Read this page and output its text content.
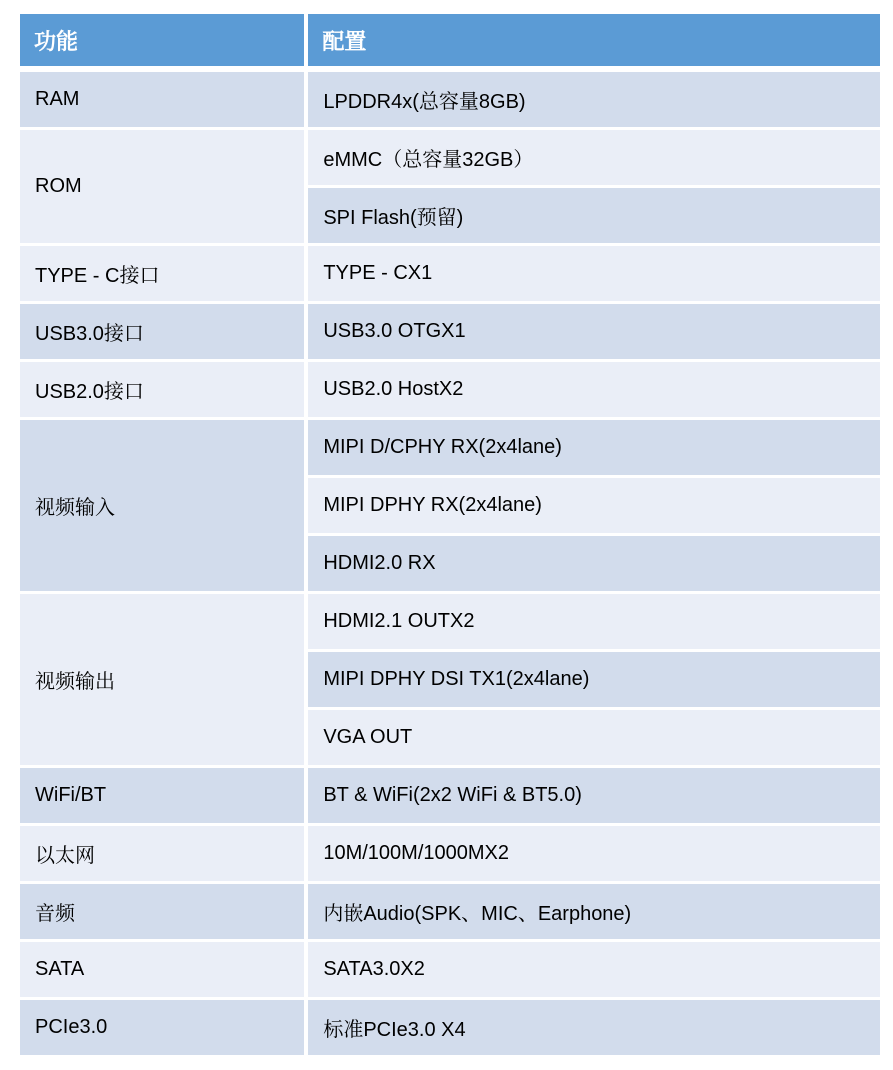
功能	配置
RAM	LPDDR4x(总容量8GB)
ROM	eMMC（总容量32GB）
	SPI Flash(预留)
TYPE - C接口	TYPE - CX1
USB3.0接口	USB3.0 OTGX1
USB2.0接口	USB2.0 HostX2
视频输入	MIPI D/CPHY RX(2x4lane)
	MIPI DPHY RX(2x4lane)
	HDMI2.0 RX
视频输出	HDMI2.1 OUTX2
	MIPI DPHY DSI TX1(2x4lane)
	VGA OUT
WiFi/BT	BT & WiFi(2x2 WiFi & BT5.0)
以太网	10M/100M/1000MX2
音频	内嵌Audio(SPK、MIC、Earphone)
SATA	SATA3.0X2
PCIe3.0	标准PCIe3.0 X4
